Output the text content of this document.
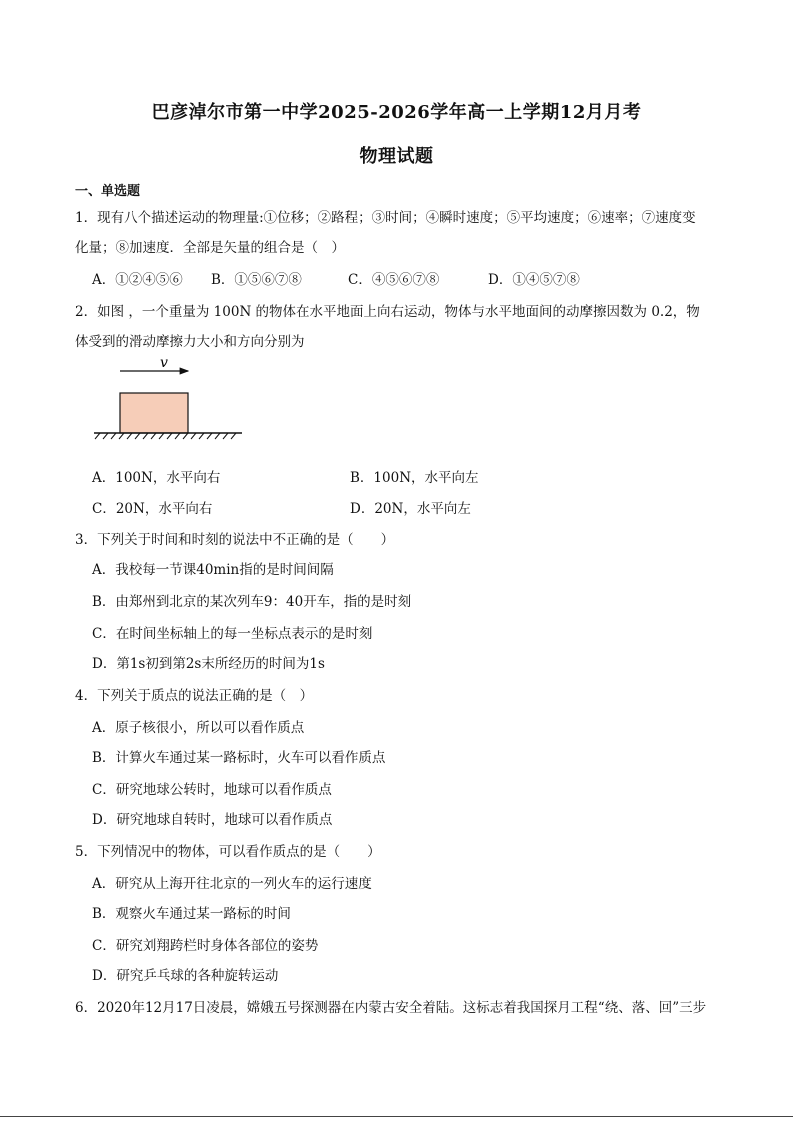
巴彦淖尔市第一中学2025-2026学年高一上学期12月月考
物理试题
一、单选题
1．现有八个描述运动的物理量:①位移；②路程；③时间；④瞬时速度；⑤平均速度；⑥速率；⑦速度变
化量；⑧加速度．全部是矢量的组合是（　）
A．①②④⑤⑥ B．①⑤⑥⑦⑧	C．④⑤⑥⑦⑧	D．①④⑤⑦⑧
2．如图 ，一个重量为 100N 的物体在水平地面上向右运动，物体与水平地面间的动摩擦因数为 0.2，物
体受到的滑动摩擦力大小和方向分别为
v
A．100N，水平向右	B．100N，水平向左
C．20N，水平向右	D．20N，水平向左
3．下列关于时间和时刻的说法中不正确的是（　　）
A．我校每一节课40min指的是时间间隔
B．由郑州到北京的某次列车9：40开车，指的是时刻
C．在时间坐标轴上的每一坐标点表示的是时刻
D．第1s初到第2s末所经历的时间为1s
4．下列关于质点的说法正确的是（　）
A．原子核很小，所以可以看作质点
B．计算火车通过某一路标时，火车可以看作质点
C．研究地球公转时，地球可以看作质点
D．研究地球自转时，地球可以看作质点
5．下列情况中的物体，可以看作质点的是（　　）
A．研究从上海开往北京的一列火车的运行速度
B．观察火车通过某一路标的时间
C．研究刘翔跨栏时身体各部位的姿势
D．研究乒乓球的各种旋转运动
6．2020年12月17日凌晨，嫦娥五号探测器在内蒙古安全着陆。这标志着我国探月工程“绕、落、回”三步
